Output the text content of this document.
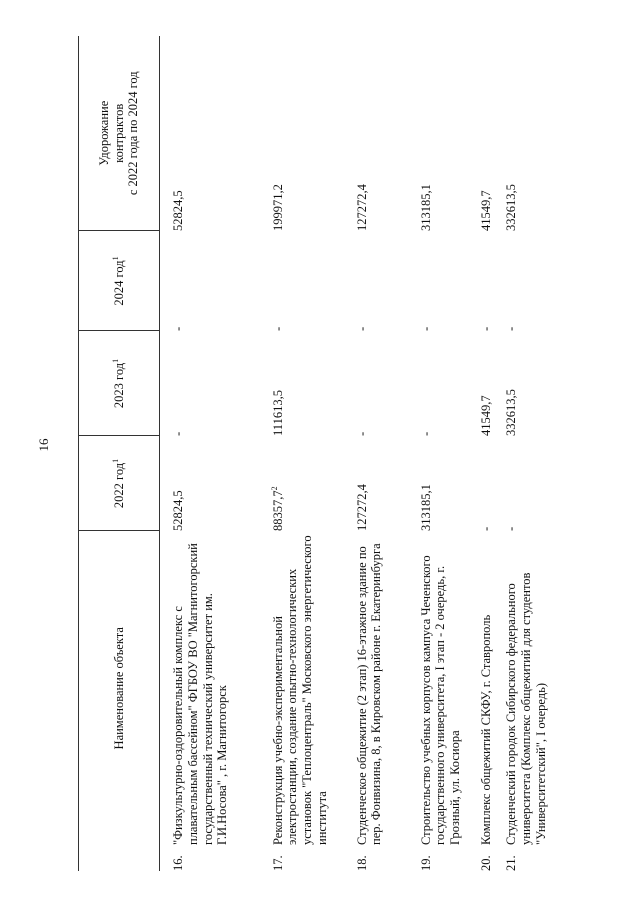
16
	Наименование объекта	2022 год$^1$	2023 год$^1$	2024 год$^1$	Удорожание контрактов с 2022 года по 2024 год

16.	"Физкультурно-оздоровительный комплекс с плавательным бассейном" ФГБОУ ВО "Магнитогорский государственный технический университет им. Г.И.Носова" , г. Магнитогорск	52824,5	-	-	52824,5
17.	Реконструкция учебно-экспериментальной электростанции, создание опытно-технологических установок "Теплоцентраль" Московского энергетического института	88357,7$^2$	111613,5	-	199971,2
18.	Студенческое общежитие (2 этап) 16-этажное здание по пер. Фонвизина, 8, в Кировском районе г. Екатеринбурга	127272,4	-	-	127272,4
19.	Строительство учебных корпусов кампуса Чеченского государственного университета, I этап - 2 очередь, г. Грозный, ул. Косиора	313185,1	-	-	313185,1
20.	Комплекс общежитий СКФУ, г. Ставрополь	-	41549,7	-	41549,7
21.	Студенческий городок Сибирского федерального университета (Комплекс общежитий для студентов "Университетский", I очередь)	-	332613,5	-	332613,5
